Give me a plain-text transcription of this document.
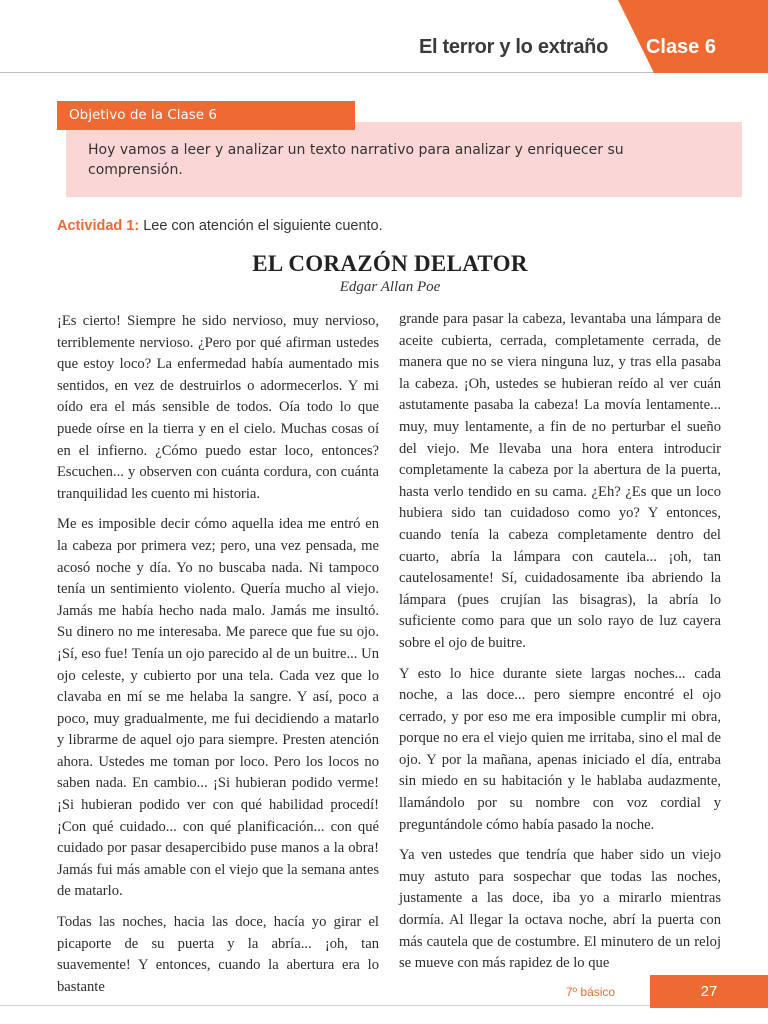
El terror y lo extraño Clase 6
Objetivo de la Clase 6
Hoy vamos a leer y analizar un texto narrativo para analizar y enriquecer su comprensión.
Actividad 1: Lee con atención el siguiente cuento.
EL CORAZÓN DELATOR
Edgar Allan Poe

¡Es cierto! Siempre he sido nervioso, muy nervioso, terriblemente nervioso. ¿Pero por qué afirman ustedes que estoy loco? La enfermedad había aumentado mis sentidos, en vez de destruirlos o adormecerlos. Y mi oído era el más sensible de todos. Oía todo lo que puede oírse en la tierra y en el cielo. Muchas cosas oí en el infierno. ¿Cómo puedo estar loco, entonces? Escuchen... y observen con cuánta cordura, con cuánta tranquilidad les cuento mi historia.

Me es imposible decir cómo aquella idea me entró en la cabeza por primera vez; pero, una vez pensada, me acosó noche y día. Yo no buscaba nada. Ni tampoco tenía un sentimiento violento. Quería mucho al viejo. Jamás me había hecho nada malo. Jamás me insultó. Su dinero no me interesaba. Me parece que fue su ojo. ¡Sí, eso fue! Tenía un ojo parecido al de un buitre... Un ojo celeste, y cubierto por una tela. Cada vez que lo clavaba en mí se me helaba la sangre. Y así, poco a poco, muy gradualmente, me fui decidiendo a matarlo y librarme de aquel ojo para siempre. Presten atención ahora. Ustedes me toman por loco. Pero los locos no saben nada. En cambio... ¡Si hubieran podido verme! ¡Si hubieran podido ver con qué habilidad procedí! ¡Con qué cuidado... con qué planificación... con qué cuidado por pasar desapercibido puse manos a la obra! Jamás fui más amable con el viejo que la semana antes de matarlo.

Todas las noches, hacia las doce, hacía yo girar el picaporte de su puerta y la abría... ¡oh, tan suavemente! Y entonces, cuando la abertura era lo bastante

grande para pasar la cabeza, levantaba una lámpara de aceite cubierta, cerrada, completamente cerrada, de manera que no se viera ninguna luz, y tras ella pasaba la cabeza. ¡Oh, ustedes se hubieran reído al ver cuán astutamente pasaba la cabeza! La movía lentamente... muy, muy lentamente, a fin de no perturbar el sueño del viejo. Me llevaba una hora entera introducir completamente la cabeza por la abertura de la puerta, hasta verlo tendido en su cama. ¿Eh? ¿Es que un loco hubiera sido tan cuidadoso como yo? Y entonces, cuando tenía la cabeza completamente dentro del cuarto, abría la lámpara con cautela... ¡oh, tan cautelosamente! Sí, cuidadosamente iba abriendo la lámpara (pues crujían las bisagras), la abría lo suficiente como para que un solo rayo de luz cayera sobre el ojo de buitre.

Y esto lo hice durante siete largas noches... cada noche, a las doce... pero siempre encontré el ojo cerrado, y por eso me era imposible cumplir mi obra, porque no era el viejo quien me irritaba, sino el mal de ojo. Y por la mañana, apenas iniciado el día, entraba sin miedo en su habitación y le hablaba audazmente, llamándolo por su nombre con voz cordial y preguntándole cómo había pasado la noche.

Ya ven ustedes que tendría que haber sido un viejo muy astuto para sospechar que todas las noches, justamente a las doce, iba yo a mirarlo mientras dormía. Al llegar la octava noche, abrí la puerta con más cautela que de costumbre. El minutero de un reloj se mueve con más rapidez de lo que

7º básico	27
